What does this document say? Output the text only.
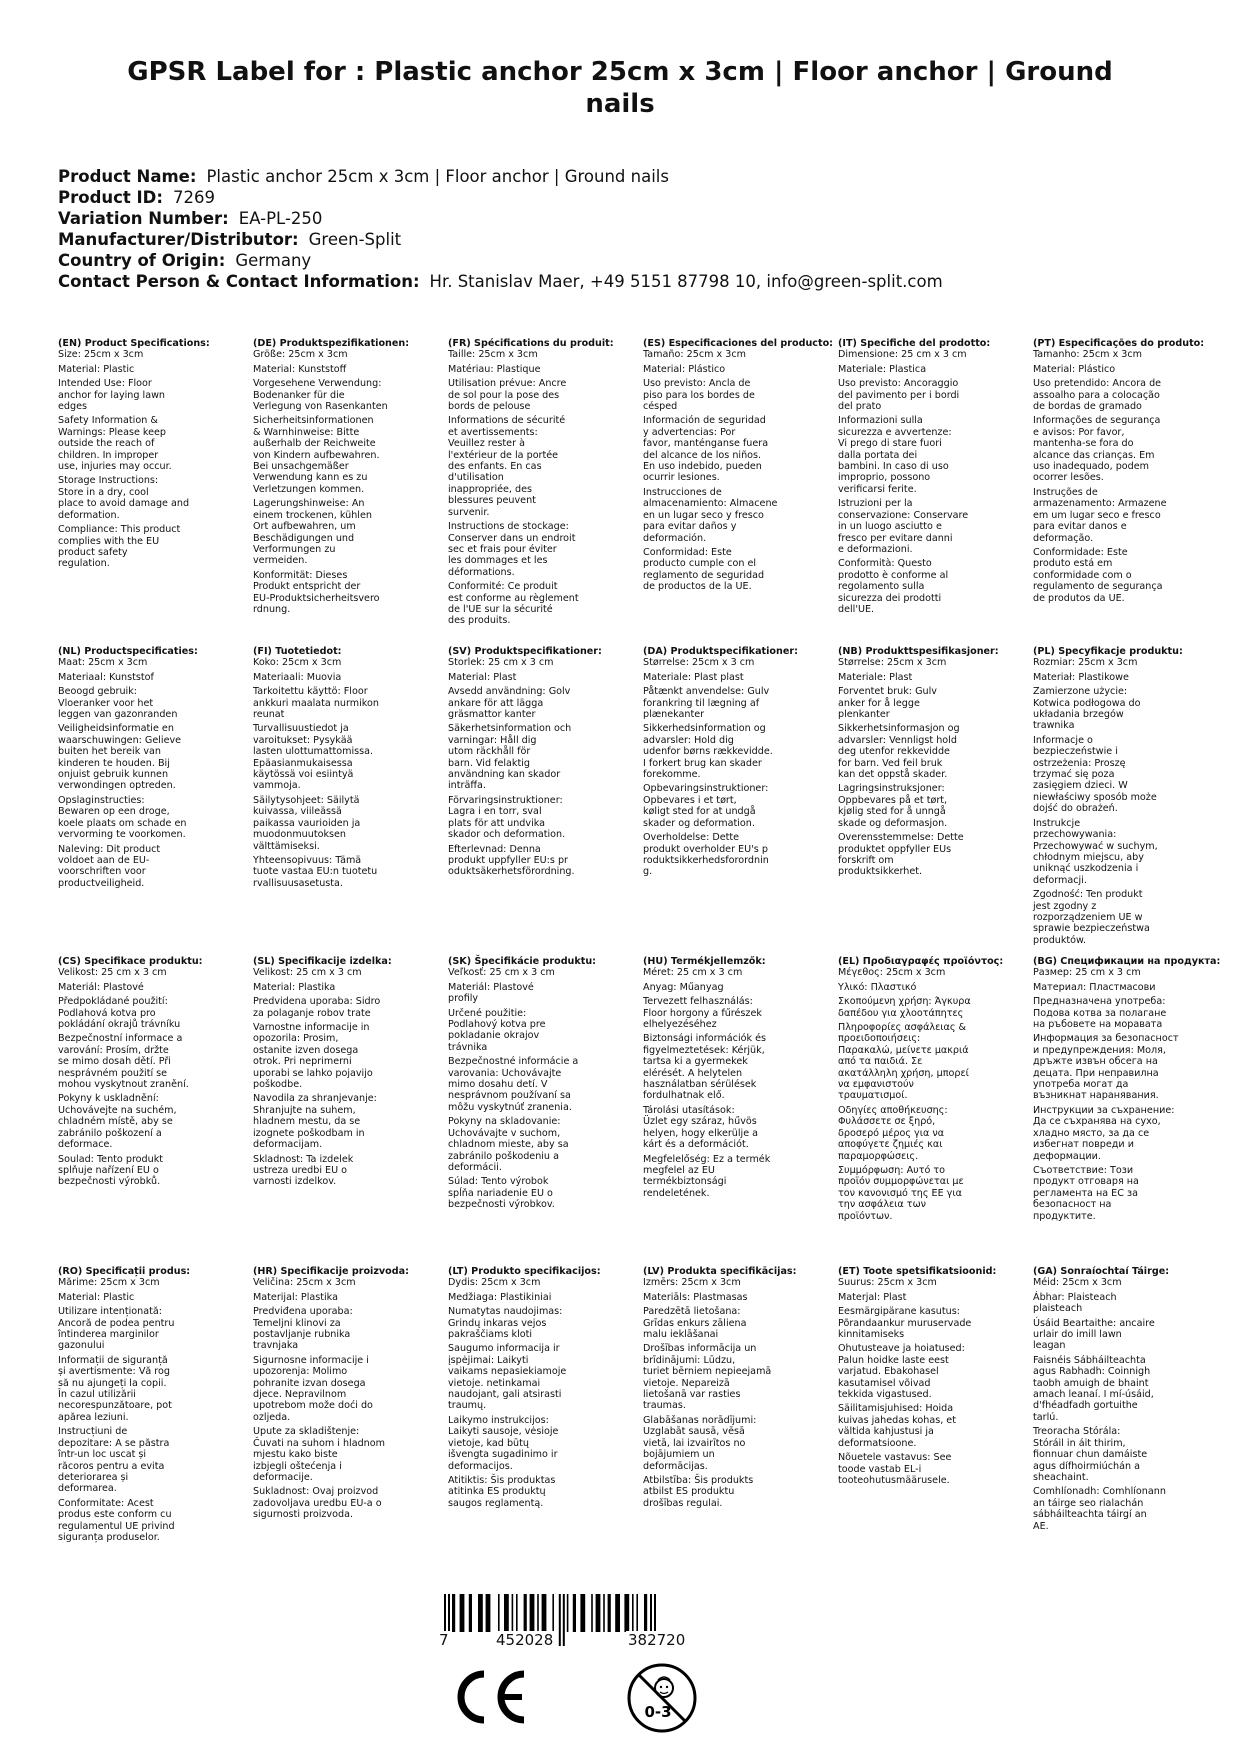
GPSR Label for : Plastic anchor 25cm x 3cm | Floor anchor | Ground nails
Product Name: Plastic anchor 25cm x 3cm | Floor anchor | Ground nails
Product ID: 7269
Variation Number: EA-PL-250
Manufacturer/Distributor: Green-Split
Country of Origin: Germany
Contact Person & Contact Information: Hr. Stanislav Maer, +49 5151 87798 10, info@green-split.com
(EN) Product Specifications:
Size: 25cm x 3cm
Material: Plastic
Intended Use: Floor
anchor for laying lawn
edges
Safety Information &
Warnings: Please keep
outside the reach of
children. In improper
use, injuries may occur.
Storage Instructions:
Store in a dry, cool
place to avoid damage and
deformation.
Compliance: This product
complies with the EU
product safety
regulation.
(DE) Produktspezifikationen:
Größe: 25cm x 3cm
Material: Kunststoff
Vorgesehene Verwendung:
Bodenanker für die
Verlegung von Rasenkanten
Sicherheitsinformationen
& Warnhinweise: Bitte
außerhalb der Reichweite
von Kindern aufbewahren.
Bei unsachgemäßer
Verwendung kann es zu
Verletzungen kommen.
Lagerungshinweise: An
einem trockenen, kühlen
Ort aufbewahren, um
Beschädigungen und
Verformungen zu
vermeiden.
Konformität: Dieses
Produkt entspricht der
EU-Produktsicherheitsvero
rdnung.
(FR) Spécifications du produit:
Taille: 25cm x 3cm
Matériau: Plastique
Utilisation prévue: Ancre
de sol pour la pose des
bords de pelouse
Informations de sécurité
et avertissements:
Veuillez rester à
l'extérieur de la portée
des enfants. En cas
d'utilisation
inappropriée, des
blessures peuvent
survenir.
Instructions de stockage:
Conserver dans un endroit
sec et frais pour éviter
les dommages et les
déformations.
Conformité: Ce produit
est conforme au règlement
de l'UE sur la sécurité
des produits.
(ES) Especificaciones del producto:
Tamaño: 25cm x 3cm
Material: Plástico
Uso previsto: Ancla de
piso para los bordes de
césped
Información de seguridad
y advertencias: Por
favor, manténganse fuera
del alcance de los niños.
En uso indebido, pueden
ocurrir lesiones.
Instrucciones de
almacenamiento: Almacene
en un lugar seco y fresco
para evitar daños y
deformación.
Conformidad: Este
producto cumple con el
reglamento de seguridad
de productos de la UE.
(IT) Specifiche del prodotto:
Dimensione: 25 cm x 3 cm
Materiale: Plastica
Uso previsto: Ancoraggio
del pavimento per i bordi
del prato
Informazioni sulla
sicurezza e avvertenze:
Vi prego di stare fuori
dalla portata dei
bambini. In caso di uso
improprio, possono
verificarsi ferite.
Istruzioni per la
conservazione: Conservare
in un luogo asciutto e
fresco per evitare danni
e deformazioni.
Conformità: Questo
prodotto è conforme al
regolamento sulla
sicurezza dei prodotti
dell'UE.
(PT) Especificações do produto:
Tamanho: 25cm x 3cm
Material: Plástico
Uso pretendido: Ancora de
assoalho para a colocação
de bordas de gramado
Informações de segurança
e avisos: Por favor,
mantenha-se fora do
alcance das crianças. Em
uso inadequado, podem
ocorrer lesões.
Instruções de
armazenamento: Armazene
em um lugar seco e fresco
para evitar danos e
deformação.
Conformidade: Este
produto está em
conformidade com o
regulamento de segurança
de produtos da UE.
(NL) Productspecificaties:
Maat: 25cm x 3cm
Materiaal: Kunststof
Beoogd gebruik:
Vloeranker voor het
leggen van gazonranden
Veiligheidsinformatie en
waarschuwingen: Gelieve
buiten het bereik van
kinderen te houden. Bij
onjuist gebruik kunnen
verwondingen optreden.
Opslaginstructies:
Bewaren op een droge,
koele plaats om schade en
vervorming te voorkomen.
Naleving: Dit product
voldoet aan de EU-
voorschriften voor
productveiligheid.
(FI) Tuotetiedot:
Koko: 25cm x 3cm
Materiaali: Muovia
Tarkoitettu käyttö: Floor
ankkuri maalata nurmikon
reunat
Turvallisuustiedot ja
varoitukset: Pysykää
lasten ulottumattomissa.
Epäasianmukaisessa
käytössä voi esiintyä
vammoja.
Säilytysohjeet: Säilytä
kuivassa, viileässä
paikassa vaurioiden ja
muodonmuutoksen
välttämiseksi.
Yhteensopivuus: Tämä
tuote vastaa EU:n tuotetu
rvallisuusasetusta.
(SV) Produktspecifikationer:
Storlek: 25 cm x 3 cm
Material: Plast
Avsedd användning: Golv
ankare för att lägga
gräsmattor kanter
Säkerhetsinformation och
varningar: Håll dig
utom räckhåll för
barn. Vid felaktig
användning kan skador
inträffa.
Förvaringsinstruktioner:
Lagra i en torr, sval
plats för att undvika
skador och deformation.
Efterlevnad: Denna
produkt uppfyller EU:s pr
oduktsäkerhetsförordning.
(DA) Produktspecifikationer:
Størrelse: 25cm x 3 cm
Materiale: Plast plast
Påtænkt anvendelse: Gulv
forankring til lægning af
plænekanter
Sikkerhedsinformation og
advarsler: Hold dig
udenfor børns rækkevidde.
I forkert brug kan skader
forekomme.
Opbevaringsinstruktioner:
Opbevares i et tørt,
køligt sted for at undgå
skader og deformation.
Overholdelse: Dette
produkt overholder EU's p
roduktsikkerhedsforordnin
g.
(NB) Produkttspesifikasjoner:
Størrelse: 25cm x 3cm
Materiale: Plast
Forventet bruk: Gulv
anker for å legge
plenkanter
Sikkerhetsinformasjon og
advarsler: Vennligst hold
deg utenfor rekkevidde
for barn. Ved feil bruk
kan det oppstå skader.
Lagringsinstruksjoner:
Oppbevares på et tørt,
kjølig sted for å unngå
skade og deformasjon.
Overensstemmelse: Dette
produktet oppfyller EUs
forskrift om
produktsikkerhet.
(PL) Specyfikacje produktu:
Rozmiar: 25cm x 3cm
Materiał: Plastikowe
Zamierzone użycie:
Kotwica podłogowa do
układania brzegów
trawnika
Informacje o
bezpieczeństwie i
ostrzeżenia: Proszę
trzymać się poza
zasięgiem dzieci. W
niewłaściwy sposób może
dojść do obrażeń.
Instrukcje
przechowywania:
Przechowywać w suchym,
chłodnym miejscu, aby
uniknąć uszkodzenia i
deformacji.
Zgodność: Ten produkt
jest zgodny z
rozporządzeniem UE w
sprawie bezpieczeństwa
produktów.
(CS) Specifikace produktu:
Velikost: 25 cm x 3 cm
Materiál: Plastové
Předpokládané použití:
Podlahová kotva pro
pokládání okrajů trávníku
Bezpečnostní informace a
varování: Prosím, držte
se mimo dosah dětí. Při
nesprávném použití se
mohou vyskytnout zranění.
Pokyny k uskladnění:
Uchovávejte na suchém,
chladném místě, aby se
zabránilo poškození a
deformace.
Soulad: Tento produkt
splňuje nařízení EU o
bezpečnosti výrobků.
(SL) Specifikacije izdelka:
Velikost: 25 cm x 3 cm
Material: Plastika
Predvidena uporaba: Sidro
za polaganje robov trate
Varnostne informacije in
opozorila: Prosim,
ostanite izven dosega
otrok. Pri neprimerni
uporabi se lahko pojavijo
poškodbe.
Navodila za shranjevanje:
Shranjujte na suhem,
hladnem mestu, da se
izognete poškodbam in
deformacijam.
Skladnost: Ta izdelek
ustreza uredbi EU o
varnosti izdelkov.
(SK) Špecifikácie produktu:
Veľkosť: 25 cm x 3 cm
Materiál: Plastové
profily
Určené použitie:
Podlahový kotva pre
pokladanie okrajov
trávnika
Bezpečnostné informácie a
varovania: Uchovávajte
mimo dosahu detí. V
nesprávnom používaní sa
môžu vyskytnúť zranenia.
Pokyny na skladovanie:
Uchovávajte v suchom,
chladnom mieste, aby sa
zabránilo poškodeniu a
deformácii.
Súlad: Tento výrobok
spĺňa nariadenie EU o
bezpečnosti výrobkov.
(HU) Termékjellemzők:
Méret: 25 cm x 3 cm
Anyag: Műanyag
Tervezett felhasználás:
Floor horgony a fűrészek
elhelyezéséhez
Biztonsági információk és
figyelmeztetések: Kérjük,
tartsa ki a gyermekek
elérését. A helytelen
használatban sérülések
fordulhatnak elő.
Tárolási utasítások:
Üzlet egy száraz, hűvös
helyen, hogy elkerülje a
kárt és a deformációt.
Megfelelőség: Ez a termék
megfelel az EU
termékbiztonsági
rendeletének.
(EL) Προδιαγραφές προϊόντος:
Μέγεθος: 25cm x 3cm
Υλικό: Πλαστικό
Σκοπούμενη χρήση: Άγκυρα
δαπέδου για χλοοτάπητες
Πληροφορίες ασφάλειας &
προειδοποιήσεις:
Παρακαλώ, μείνετε μακριά
από τα παιδιά. Σε
ακατάλληλη χρήση, μπορεί
να εμφανιστούν
τραυματισμοί.
Οδηγίες αποθήκευσης:
Φυλάσσετε σε ξηρό,
δροσερό μέρος για να
αποφύγετε ζημιές και
παραμορφώσεις.
Συμμόρφωση: Αυτό το
προϊόν συμμορφώνεται με
τον κανονισμό της ΕΕ για
την ασφάλεια των
προϊόντων.
(BG) Спецификации на продукта:
Размер: 25 cm x 3 cm
Материал: Пластмасови
Предназначена употреба:
Подова котва за полагане
на ръбовете на моравата
Информация за безопасност
и предупреждения: Моля,
дръжте извън обсега на
децата. При неправилна
употреба могат да
възникнат наранявания.
Инструкции за съхранение:
Да се съхранява на сухо,
хладно място, за да се
избегнат повреди и
деформации.
Съответствие: Този
продукт отговаря на
регламента на ЕС за
безопасност на
продуктите.
(RO) Specificații produs:
Mărime: 25cm x 3cm
Material: Plastic
Utilizare intenționată:
Ancoră de podea pentru
întinderea marginilor
gazonului
Informații de siguranță
și avertismente: Vă rog
să nu ajungeți la copii.
În cazul utilizării
necorespunzătoare, pot
apărea leziuni.
Instrucțiuni de
depozitare: A se păstra
într-un loc uscat și
răcoros pentru a evita
deteriorarea și
deformarea.
Conformitate: Acest
produs este conform cu
regulamentul UE privind
siguranța produselor.
(HR) Specifikacije proizvoda:
Veličina: 25cm x 3cm
Materijal: Plastika
Predviđena uporaba:
Temeljni klinovi za
postavljanje rubnika
travnjaka
Sigurnosne informacije i
upozorenja: Molimo
pohranite izvan dosega
djece. Nepravilnom
upotrebom može doći do
ozljeda.
Upute za skladištenje:
Čuvati na suhom i hladnom
mjestu kako biste
izbjegli oštećenja i
deformacije.
Sukladnost: Ovaj proizvod
zadovoljava uredbu EU-a o
sigurnosti proizvoda.
(LT) Produkto specifikacijos:
Dydis: 25cm x 3cm
Medžiaga: Plastikiniai
Numatytas naudojimas:
Grindų inkaras vejos
pakraščiams kloti
Saugumo informacija ir
įspėjimai: Laikyti
vaikams nepasiekiamoje
vietoje. netinkamai
naudojant, gali atsirasti
traumų.
Laikymo instrukcijos:
Laikyti sausoje, vėsioje
vietoje, kad būtų
išvengta sugadinimo ir
deformacijos.
Atitiktis: Šis produktas
atitinka ES produktų
saugos reglamentą.
(LV) Produkta specifikācijas:
Izmērs: 25cm x 3cm
Materiāls: Plastmasas
Paredzētā lietošana:
Grīdas enkurs zāliena
malu ieklāšanai
Drošības informācija un
brīdinājumi: Lūdzu,
turiet bērniem nepieejamā
vietoje. Nepareizā
lietošanā var rasties
traumas.
Glabāšanas norādījumi:
Uzglabāt sausā, vēsā
vietā, lai izvairītos no
bojājumiem un
deformācijas.
Atbilstība: Šis produkts
atbilst ES produktu
drošības regulai.
(ET) Toote spetsifikatsioonid:
Suurus: 25cm x 3cm
Materjal: Plast
Eesmärgipärane kasutus:
Põrandaankur muruservade
kinnitamiseks
Ohutusteave ja hoiatused:
Palun hoidke laste eest
varjatud. Ebakohasel
kasutamisel võivad
tekkida vigastused.
Säilitamisjuhised: Hoida
kuivas jahedas kohas, et
vältida kahjustusi ja
deformatsioone.
Nõuetele vastavus: See
toode vastab EL-i
tooteohutusmäärusele.
(GA) Sonraíochtaí Táirge:
Méid: 25cm x 3cm
Ábhar: Plaisteach
plaisteach
Úsáid Beartaithe: ancaire
urlair do imill lawn
leagan
Faisnéis Sábháilteachta
agus Rabhadh: Coinnigh
taobh amuigh de bhaint
amach leanaí. I mí-úsáid,
d'fhéadfadh gortuithe
tarlú.
Treoracha Stórála:
Stóráil in áit thirim,
fionnuar chun damáiste
agus dífhoirmiúchán a
sheachaint.
Comhlíonadh: Comhlíonann
an táirge seo rialachán
sábháilteachta táirgí an
AE.
7	452028	382720
0-3
